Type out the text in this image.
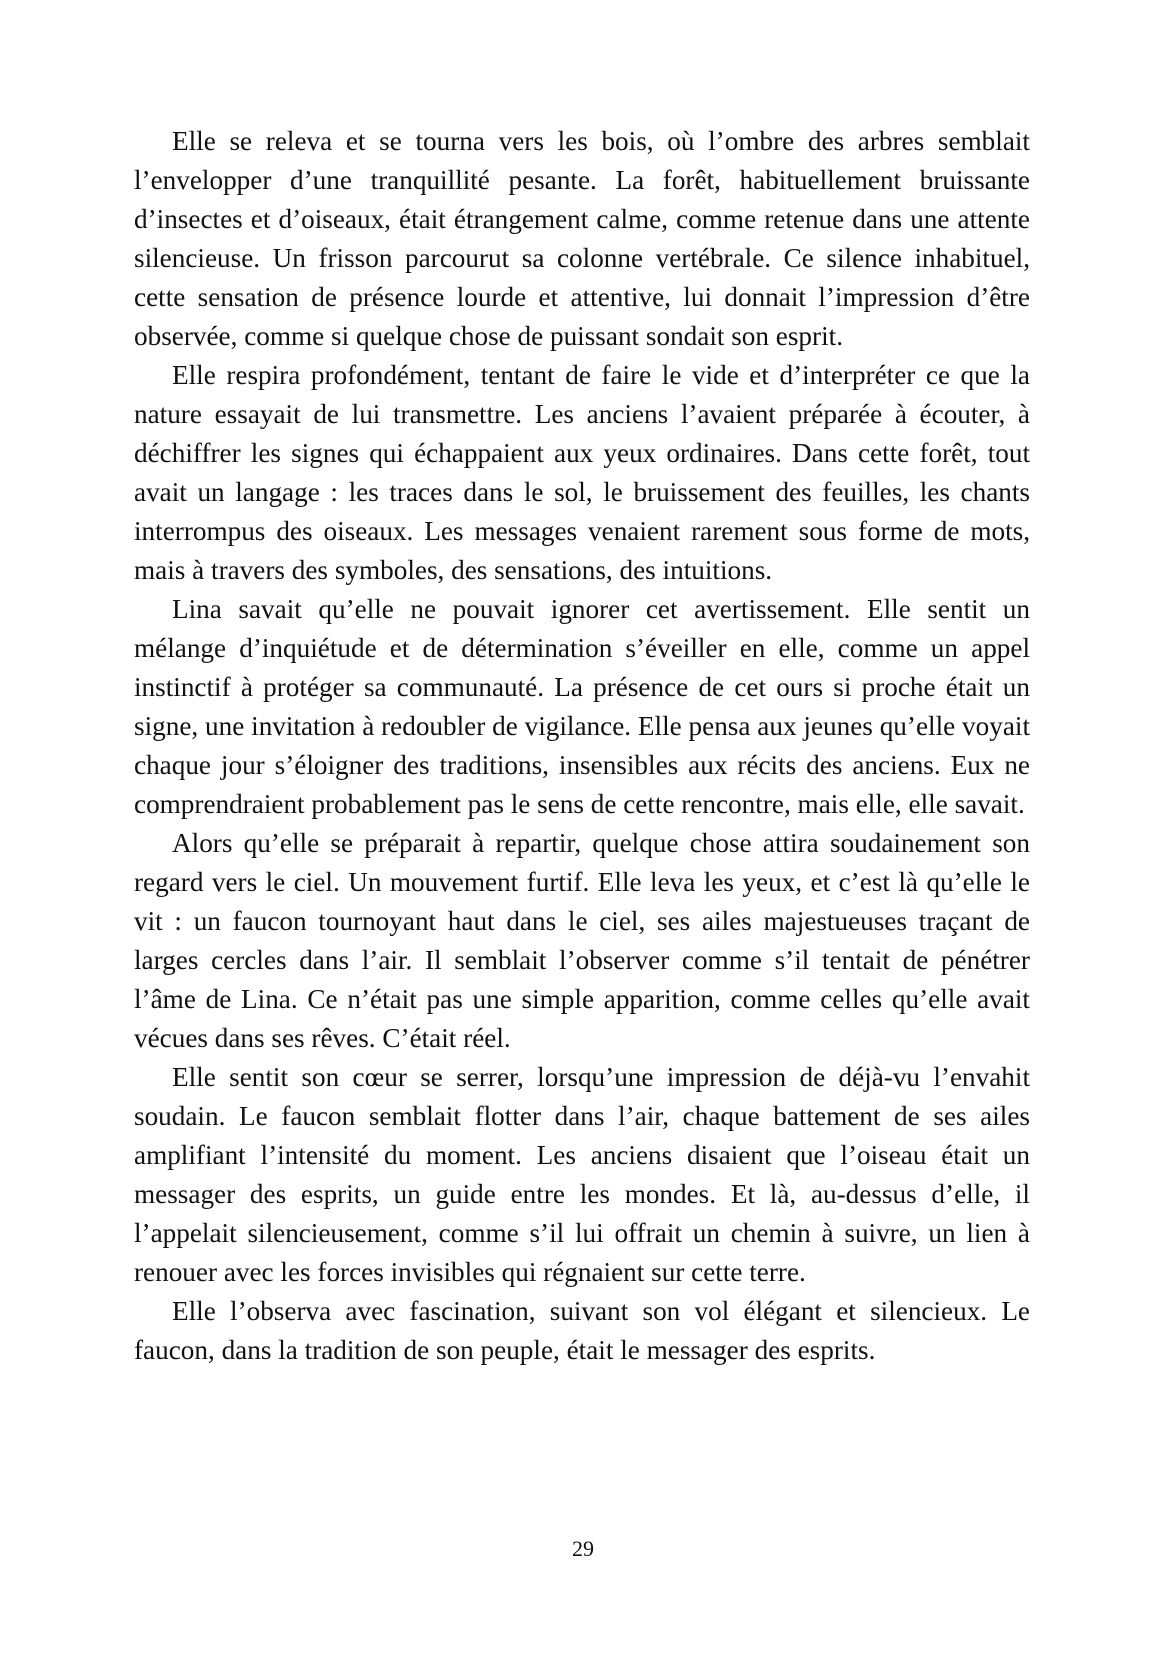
Elle se releva et se tourna vers les bois, où l’ombre des arbres semblait l’envelopper d’une tranquillité pesante. La forêt, habituellement bruissante d’insectes et d’oiseaux, était étrangement calme, comme retenue dans une attente silencieuse. Un frisson parcourut sa colonne vertébrale. Ce silence inhabituel, cette sensation de présence lourde et attentive, lui donnait l’impression d’être observée, comme si quelque chose de puissant sondait son esprit.

Elle respira profondément, tentant de faire le vide et d’interpréter ce que la nature essayait de lui transmettre. Les anciens l’avaient préparée à écouter, à déchiffrer les signes qui échappaient aux yeux ordinaires. Dans cette forêt, tout avait un langage : les traces dans le sol, le bruissement des feuilles, les chants interrompus des oiseaux. Les messages venaient rarement sous forme de mots, mais à travers des symboles, des sensations, des intuitions.

Lina savait qu’elle ne pouvait ignorer cet avertissement. Elle sentit un mélange d’inquiétude et de détermination s’éveiller en elle, comme un appel instinctif à protéger sa communauté. La présence de cet ours si proche était un signe, une invitation à redoubler de vigilance. Elle pensa aux jeunes qu’elle voyait chaque jour s’éloigner des traditions, insensibles aux récits des anciens. Eux ne comprendraient probablement pas le sens de cette rencontre, mais elle, elle savait.

Alors qu’elle se préparait à repartir, quelque chose attira soudainement son regard vers le ciel. Un mouvement furtif. Elle leva les yeux, et c’est là qu’elle le vit : un faucon tournoyant haut dans le ciel, ses ailes majestueuses traçant de larges cercles dans l’air. Il semblait l’observer comme s’il tentait de pénétrer l’âme de Lina. Ce n’était pas une simple apparition, comme celles qu’elle avait vécues dans ses rêves. C’était réel.

Elle sentit son cœur se serrer, lorsqu’une impression de déjà-vu l’envahit soudain. Le faucon semblait flotter dans l’air, chaque battement de ses ailes amplifiant l’intensité du moment. Les anciens disaient que l’oiseau était un messager des esprits, un guide entre les mondes. Et là, au-dessus d’elle, il l’appelait silencieusement, comme s’il lui offrait un chemin à suivre, un lien à renouer avec les forces invisibles qui régnaient sur cette terre.

Elle l’observa avec fascination, suivant son vol élégant et silencieux. Le faucon, dans la tradition de son peuple, était le messager des esprits.

29
